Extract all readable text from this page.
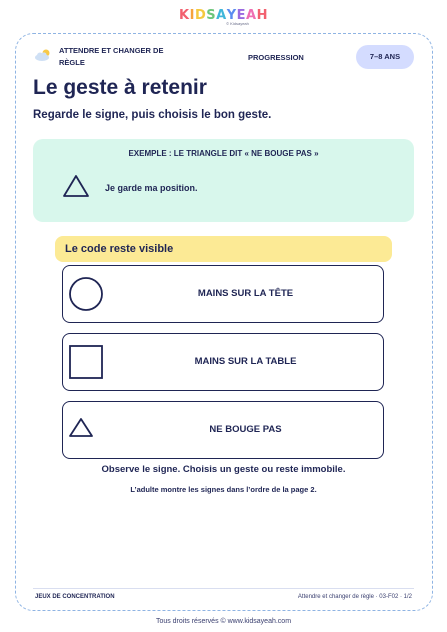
KIDSAYEAH
© Kidsayeah
ATTENDRE ET CHANGER DE RÈGLE
PROGRESSION	7–8 ANS
Le geste à retenir
Regarde le signe, puis choisis le bon geste.
EXEMPLE : LE TRIANGLE DIT « NE BOUGE PAS »
Je garde ma position.
Le code reste visible
MAINS SUR LA TÊTE
MAINS SUR LA TABLE
NE BOUGE PAS
Observe le signe. Choisis un geste ou reste immobile.
L’adulte montre les signes dans l’ordre de la page 2.
JEUX DE CONCENTRATION	Attendre et changer de règle · 03-F02 · 1/2
Tous droits réservés © www.kidsayeah.com
